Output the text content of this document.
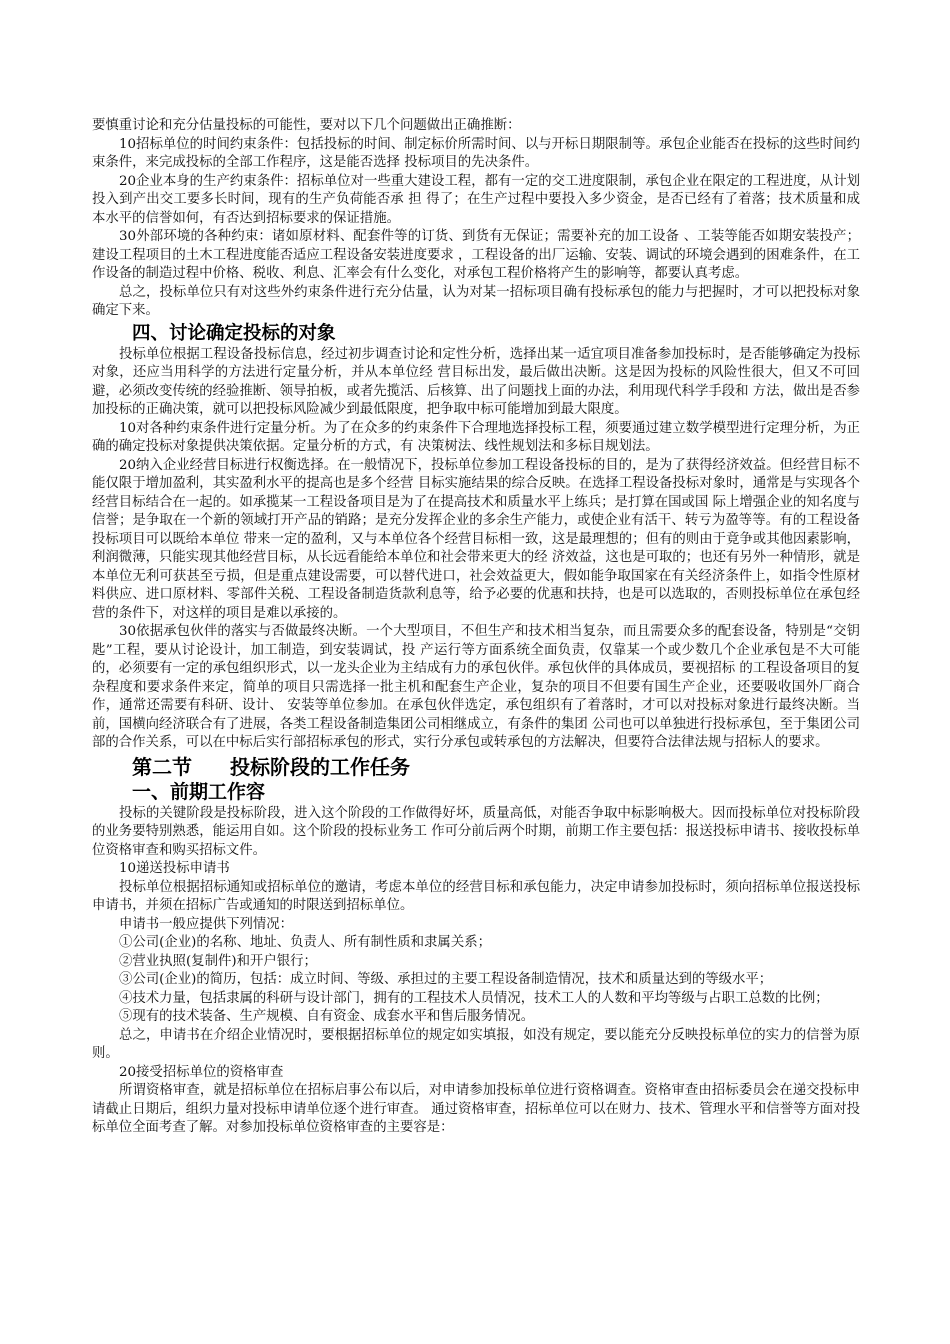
要慎重讨论和充分估量投标的可能性，要对以下几个问题做出正确推断：

10招标单位的时间约束条件：包括投标的时间、制定标价所需时间、以与开标日期限制等。承包企业能否在投标的这些时间约束条件，来完成投标的全部工作程序，这是能否选择 投标项目的先决条件。

20企业本身的生产约束条件：招标单位对一些重大建设工程，都有一定的交工进度限制，承包企业在限定的工程进度，从计划投入到产出交工要多长时间，现有的生产负荷能否承 担 得了；在生产过程中要投入多少资金，是否已经有了着落；技术质量和成本水平的信誉如何，有否达到招标要求的保证措施。

30外部环境的各种约束：诸如原材料、配套件等的订货、到货有无保证；需要补充的加工设备 、工装等能否如期安装投产；建设工程项目的土木工程进度能否适应工程设备安装进度要求 ，工程设备的出厂运输、安装、调试的环境会遇到的困难条件，在工作设备的制造过程中价格、税收、利息、汇率会有什么变化，对承包工程价格将产生的影响等，都要认真考虑。

总之，投标单位只有对这些外约束条件进行充分估量，认为对某一招标项目确有投标承包的能力与把握时，才可以把投标对象确定下来。

四、讨论确定投标的对象

投标单位根据工程设备投标信息，经过初步调查讨论和定性分析，选择出某一适宜项目准备参加投标时，是否能够确定为投标对象，还应当用科学的方法进行定量分析，并从本单位经 营目标出发，最后做出决断。这是因为投标的风险性很大，但又不可回避，必须改变传统的经验推断、领导拍板，或者先揽活、后核算、出了问题找上面的办法，利用现代科学手段和 方法，做出是否参加投标的正确决策，就可以把投标风险减少到最低限度，把争取中标可能增加到最大限度。

10对各种约束条件进行定量分析。为了在众多的约束条件下合理地选择投标工程，须要通过建立数学模型进行定理分析，为正确的确定投标对象提供决策依据。定量分析的方式，有 决策树法、线性规划法和多标目规划法。

20纳入企业经营目标进行权衡选择。在一般情况下，投标单位参加工程设备投标的目的，是为了获得经济效益。但经营目标不能仅限于增加盈利，其实盈利水平的提高也是多个经营 目标实施结果的综合反映。在选择工程设备投标对象时，通常是与实现各个经营目标结合在一起的。如承揽某一工程设备项目是为了在提高技术和质量水平上练兵；是打算在国或国 际上增强企业的知名度与信誉；是争取在一个新的领域打开产品的销路；是充分发挥企业的多余生产能力，或使企业有活干、转亏为盈等等。有的工程设备投标项目可以既给本单位 带来一定的盈利，又与本单位各个经营目标相一致，这是最理想的；但有的则由于竟争或其他因素影响，利润微薄，只能实现其他经营目标，从长远看能给本单位和社会带来更大的经 济效益，这也是可取的；也还有另外一种情形，就是本单位无利可获甚至亏损，但是重点建设需要，可以替代进口，社会效益更大，假如能争取国家在有关经济条件上，如指令性原材 料供应、进口原材料、零部件关税、工程设备制造货款利息等，给予必要的优惠和扶持，也是可以选取的，否则投标单位在承包经营的条件下，对这样的项目是难以承接的。

30依据承包伙伴的落实与否做最终决断。一个大型项目，不但生产和技术相当复杂，而且需要众多的配套设备，特别是“交钥匙”工程，要从讨论设计，加工制造，到安装调试，投 产运行等方面系统全面负责，仅靠某一个或少数几个企业承包是不大可能的，必须要有一定的承包组织形式，以一龙头企业为主结成有力的承包伙伴。承包伙伴的具体成员，要视招标 的工程设备项目的复杂程度和要求条件来定，简单的项目只需选择一批主机和配套生产企业，复杂的项目不但要有国生产企业，还要吸收国外厂商合作，通常还需要有科研、设计、 安装等单位参加。在承包伙伴选定，承包组织有了着落时，才可以对投标对象进行最终决断。当前，国横向经济联合有了进展，各类工程设备制造集团公司相继成立，有条件的集团 公司也可以单独进行投标承包，至于集团公司部的合作关系，可以在中标后实行部招标承包的形式，实行分承包或转承包的方法解决，但要符合法律法规与招标人的要求。

第二节 投标阶段的工作任务
一、前期工作容

投标的关键阶段是投标阶段，进入这个阶段的工作做得好坏，质量高低，对能否争取中标影响极大。因而投标单位对投标阶段的业务要特别熟悉，能运用自如。这个阶段的投标业务工 作可分前后两个时期，前期工作主要包括：报送投标申请书、接收投标单位资格审查和购买招标文件。

10递送投标申请书

投标单位根据招标通知或招标单位的邀请，考虑本单位的经营目标和承包能力，决定申请参加投标时，须向招标单位报送投标申请书，并须在招标广告或通知的时限送到招标单位。

申请书一般应提供下列情况：

①公司(企业)的名称、地址、负责人、所有制性质和隶属关系；

②营业执照(复制件)和开户银行；

③公司(企业)的简历，包括：成立时间、等级、承担过的主要工程设备制造情况，技术和质量达到的等级水平；

④技术力量，包括隶属的科研与设计部门，拥有的工程技术人员情况，技术工人的人数和平均等级与占职工总数的比例；

⑤现有的技术装备、生产规模、自有资金、成套水平和售后服务情况。

总之，申请书在介绍企业情况时，要根据招标单位的规定如实填报，如没有规定，要以能充分反映投标单位的实力的信誉为原则。

20接受招标单位的资格审查

所谓资格审查，就是招标单位在招标启事公布以后，对申请参加投标单位进行资格调查。资格审查由招标委员会在递交投标申请截止日期后，组织力量对投标申请单位逐个进行审查。 通过资格审查，招标单位可以在财力、技术、管理水平和信誉等方面对投标单位全面考查了解。对参加投标单位资格审查的主要容是：
